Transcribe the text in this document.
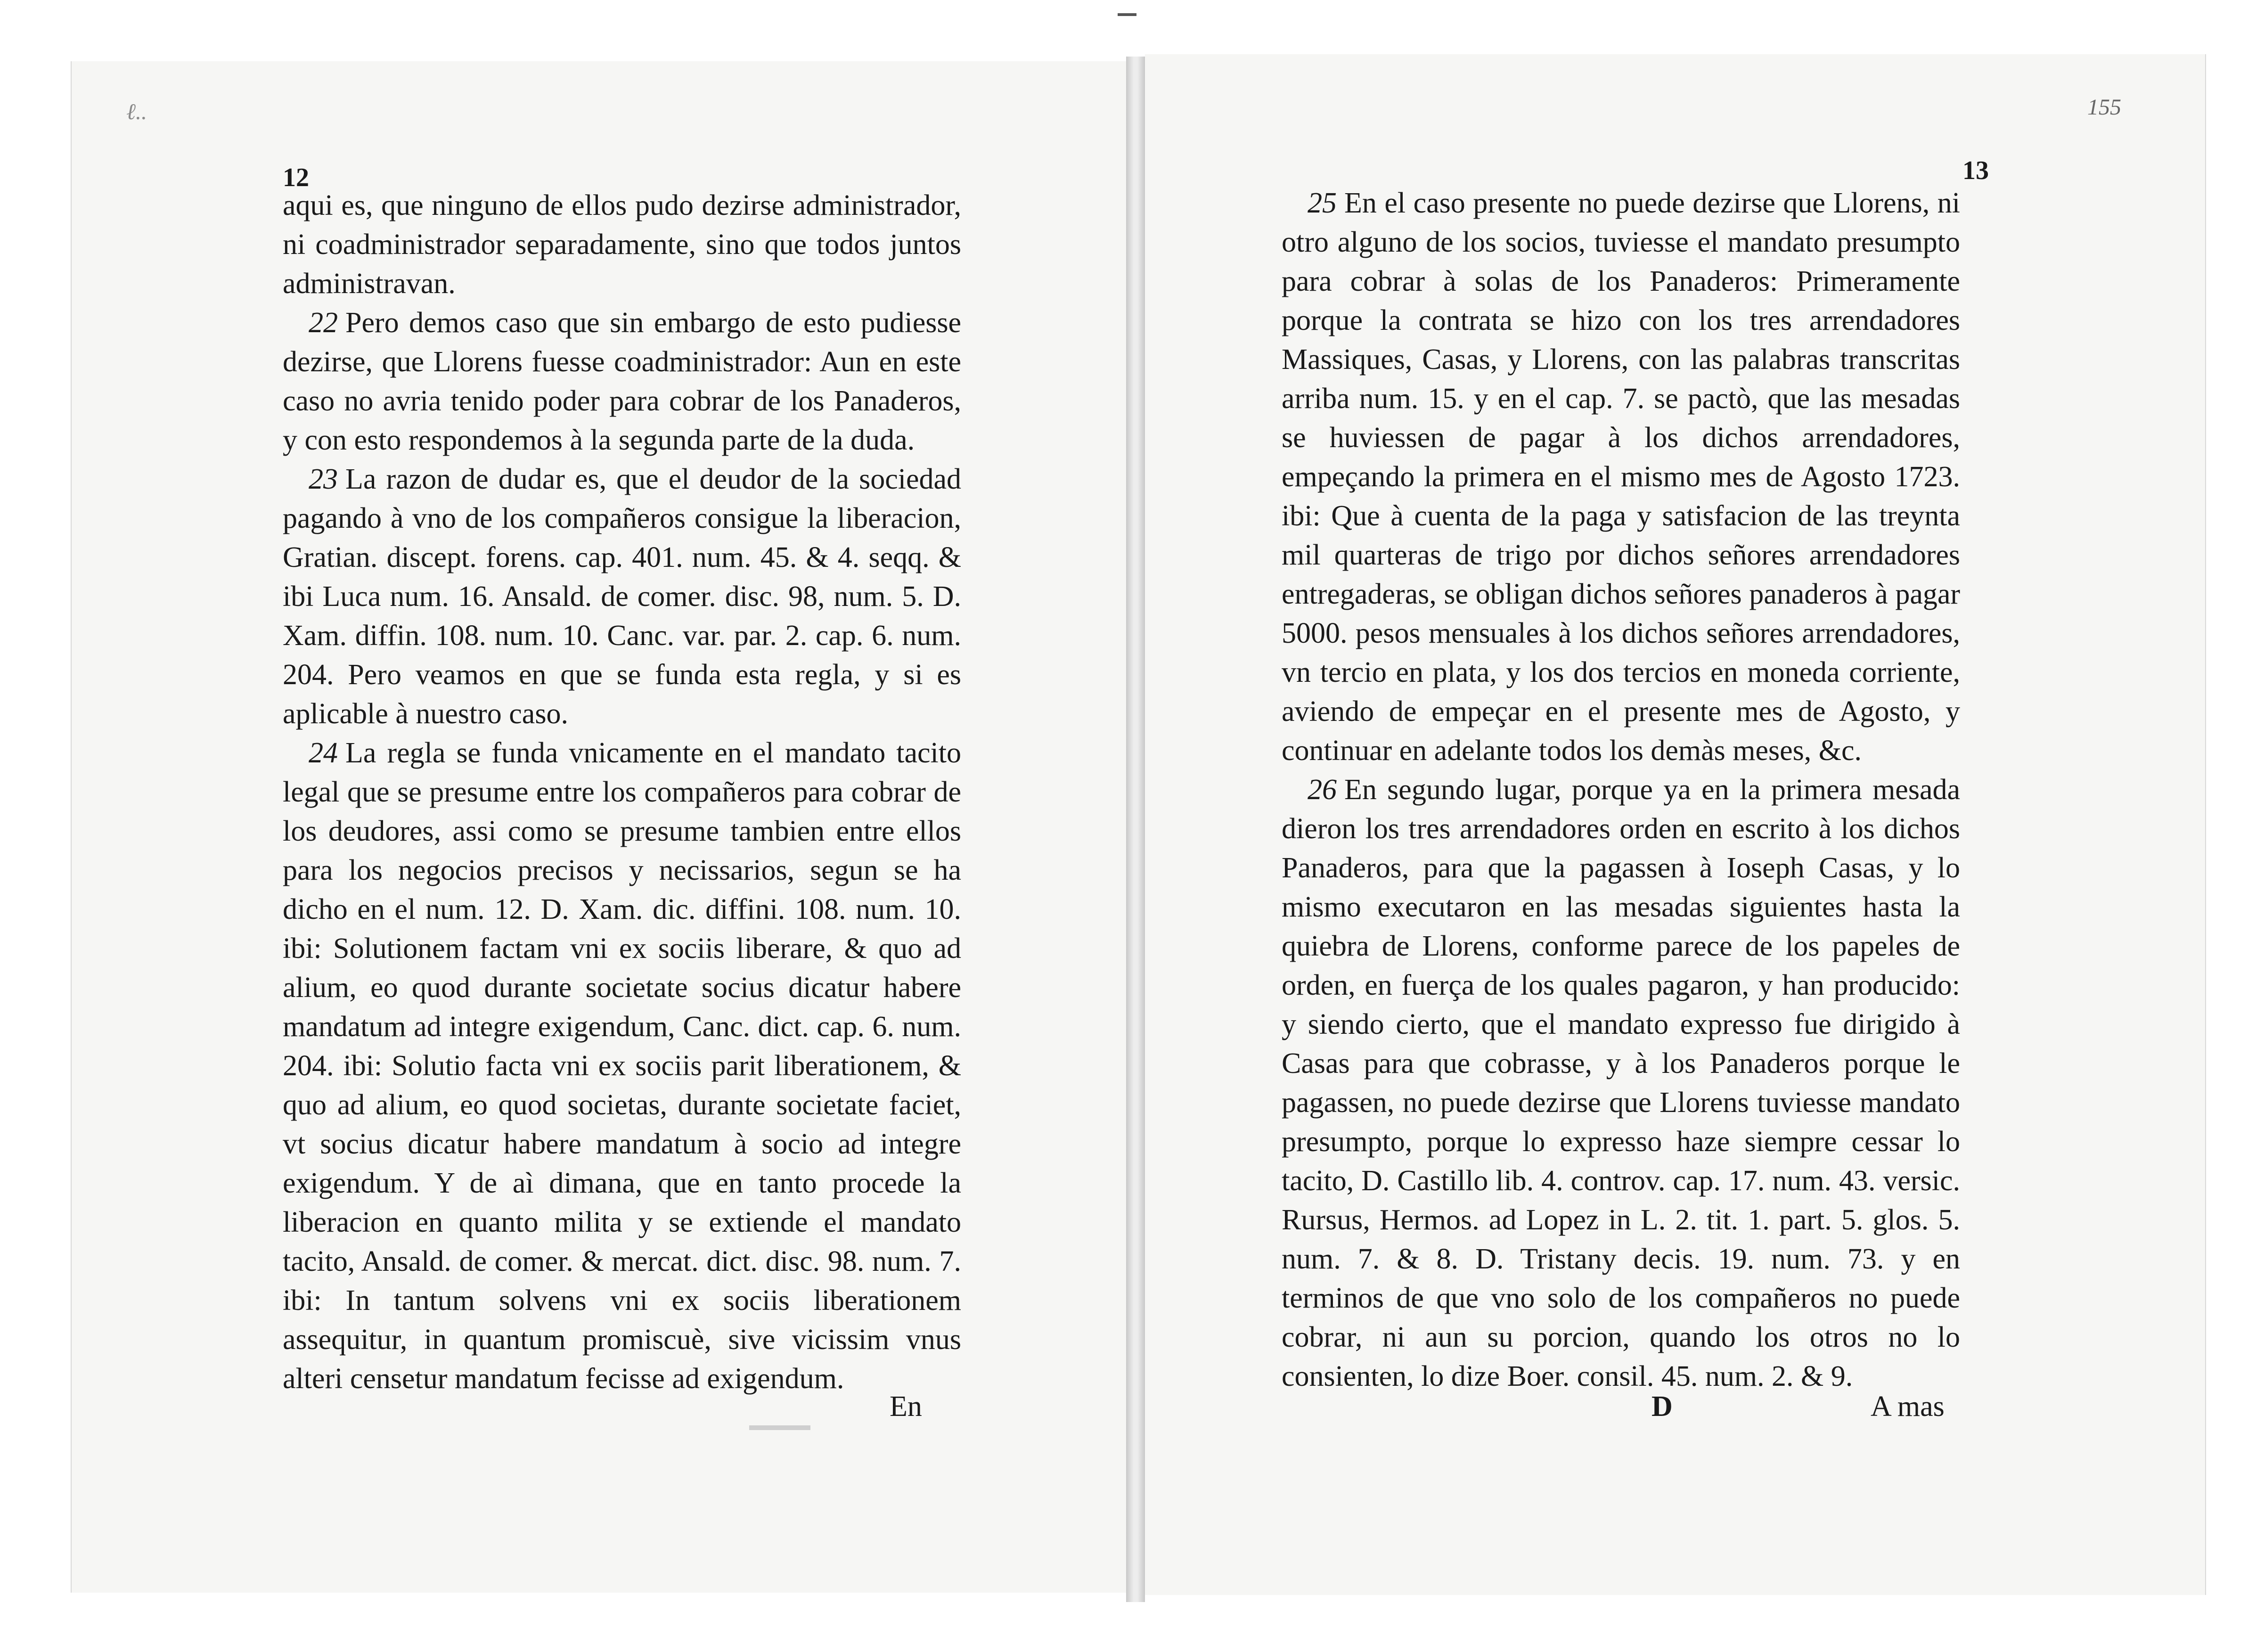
ℓ..	155
12	13

aqui es, que ninguno de ellos pudo dezirse administrador, ni coadministrador separadamente, sino que todos juntos administravan.

22 Pero demos caso que sin embargo de esto pudiesse dezirse, que Llorens fuesse coadministrador: Aun en este caso no avria tenido poder para cobrar de los Panaderos, y con esto respondemos à la segunda parte de la duda.

23 La razon de dudar es, que el deudor de la sociedad pagando à vno de los compañeros consigue la liberacion, Gratian. discept. forens. cap. 401. num. 45. & 4. seqq. & ibi Luca num. 16. Ansald. de comer. disc. 98, num. 5. D. Xam. diffin. 108. num. 10. Canc. var. par. 2. cap. 6. num. 204. Pero veamos en que se funda esta regla, y si es aplicable à nuestro caso.

24 La regla se funda vnicamente en el mandato tacito legal que se presume entre los compañeros para cobrar de los deudores, assi como se presume tambien entre ellos para los negocios precisos y necissarios, segun se ha dicho en el num. 12. D. Xam. dic. diffini. 108. num. 10. ibi: Solutionem factam vni ex sociis liberare, & quo ad alium, eo quod durante societate socius dicatur habere mandatum ad integre exigendum, Canc. dict. cap. 6. num. 204. ibi: Solutio facta vni ex sociis parit liberationem, & quo ad alium, eo quod societas, durante societate faciet, vt socius dicatur habere mandatum à socio ad integre exigendum. Y de aì dimana, que en tanto procede la liberacion en quanto milita y se extiende el mandato tacito, Ansald. de comer. & mercat. dict. disc. 98. num. 7. ibi: In tantum solvens vni ex sociis liberationem assequitur, in quantum promiscuè, sive vicissim vnus alteri censetur mandatum fecisse ad exigendum.

25 En el caso presente no puede dezirse que Llorens, ni otro alguno de los socios, tuviesse el mandato presumpto para cobrar à solas de los Panaderos: Primeramente porque la contrata se hizo con los tres arrendadores Massiques, Casas, y Llorens, con las palabras transcritas arriba num. 15. y en el cap. 7. se pactò, que las mesadas se huviessen de pagar à los dichos arrendadores, empeçando la primera en el mismo mes de Agosto 1723. ibi: Que à cuenta de la paga y satisfacion de las treynta mil quarteras de trigo por dichos señores arrendadores entregaderas, se obligan dichos señores panaderos à pagar 5000. pesos mensuales à los dichos señores arrendadores, vn tercio en plata, y los dos tercios en moneda corriente, aviendo de empeçar en el presente mes de Agosto, y continuar en adelante todos los demàs meses, &c.

26 En segundo lugar, porque ya en la primera mesada dieron los tres arrendadores orden en escrito à los dichos Panaderos, para que la pagassen à Ioseph Casas, y lo mismo executaron en las mesadas siguientes hasta la quiebra de Llorens, conforme parece de los papeles de orden, en fuerça de los quales pagaron, y han producido: y siendo cierto, que el mandato expresso fue dirigido à Casas para que cobrasse, y à los Panaderos porque le pagassen, no puede dezirse que Llorens tuviesse mandato presumpto, porque lo expresso haze siempre cessar lo tacito, D. Castillo lib. 4. controv. cap. 17. num. 43. versic. Rursus, Hermos. ad Lopez in L. 2. tit. 1. part. 5. glos. 5. num. 7. & 8. D. Tristany decis. 19. num. 73. y en terminos de que vno solo de los compañeros no puede cobrar, ni aun su porcion, quando los otros no lo consienten, lo dize Boer. consil. 45. num. 2. & 9.

En	D	A mas
